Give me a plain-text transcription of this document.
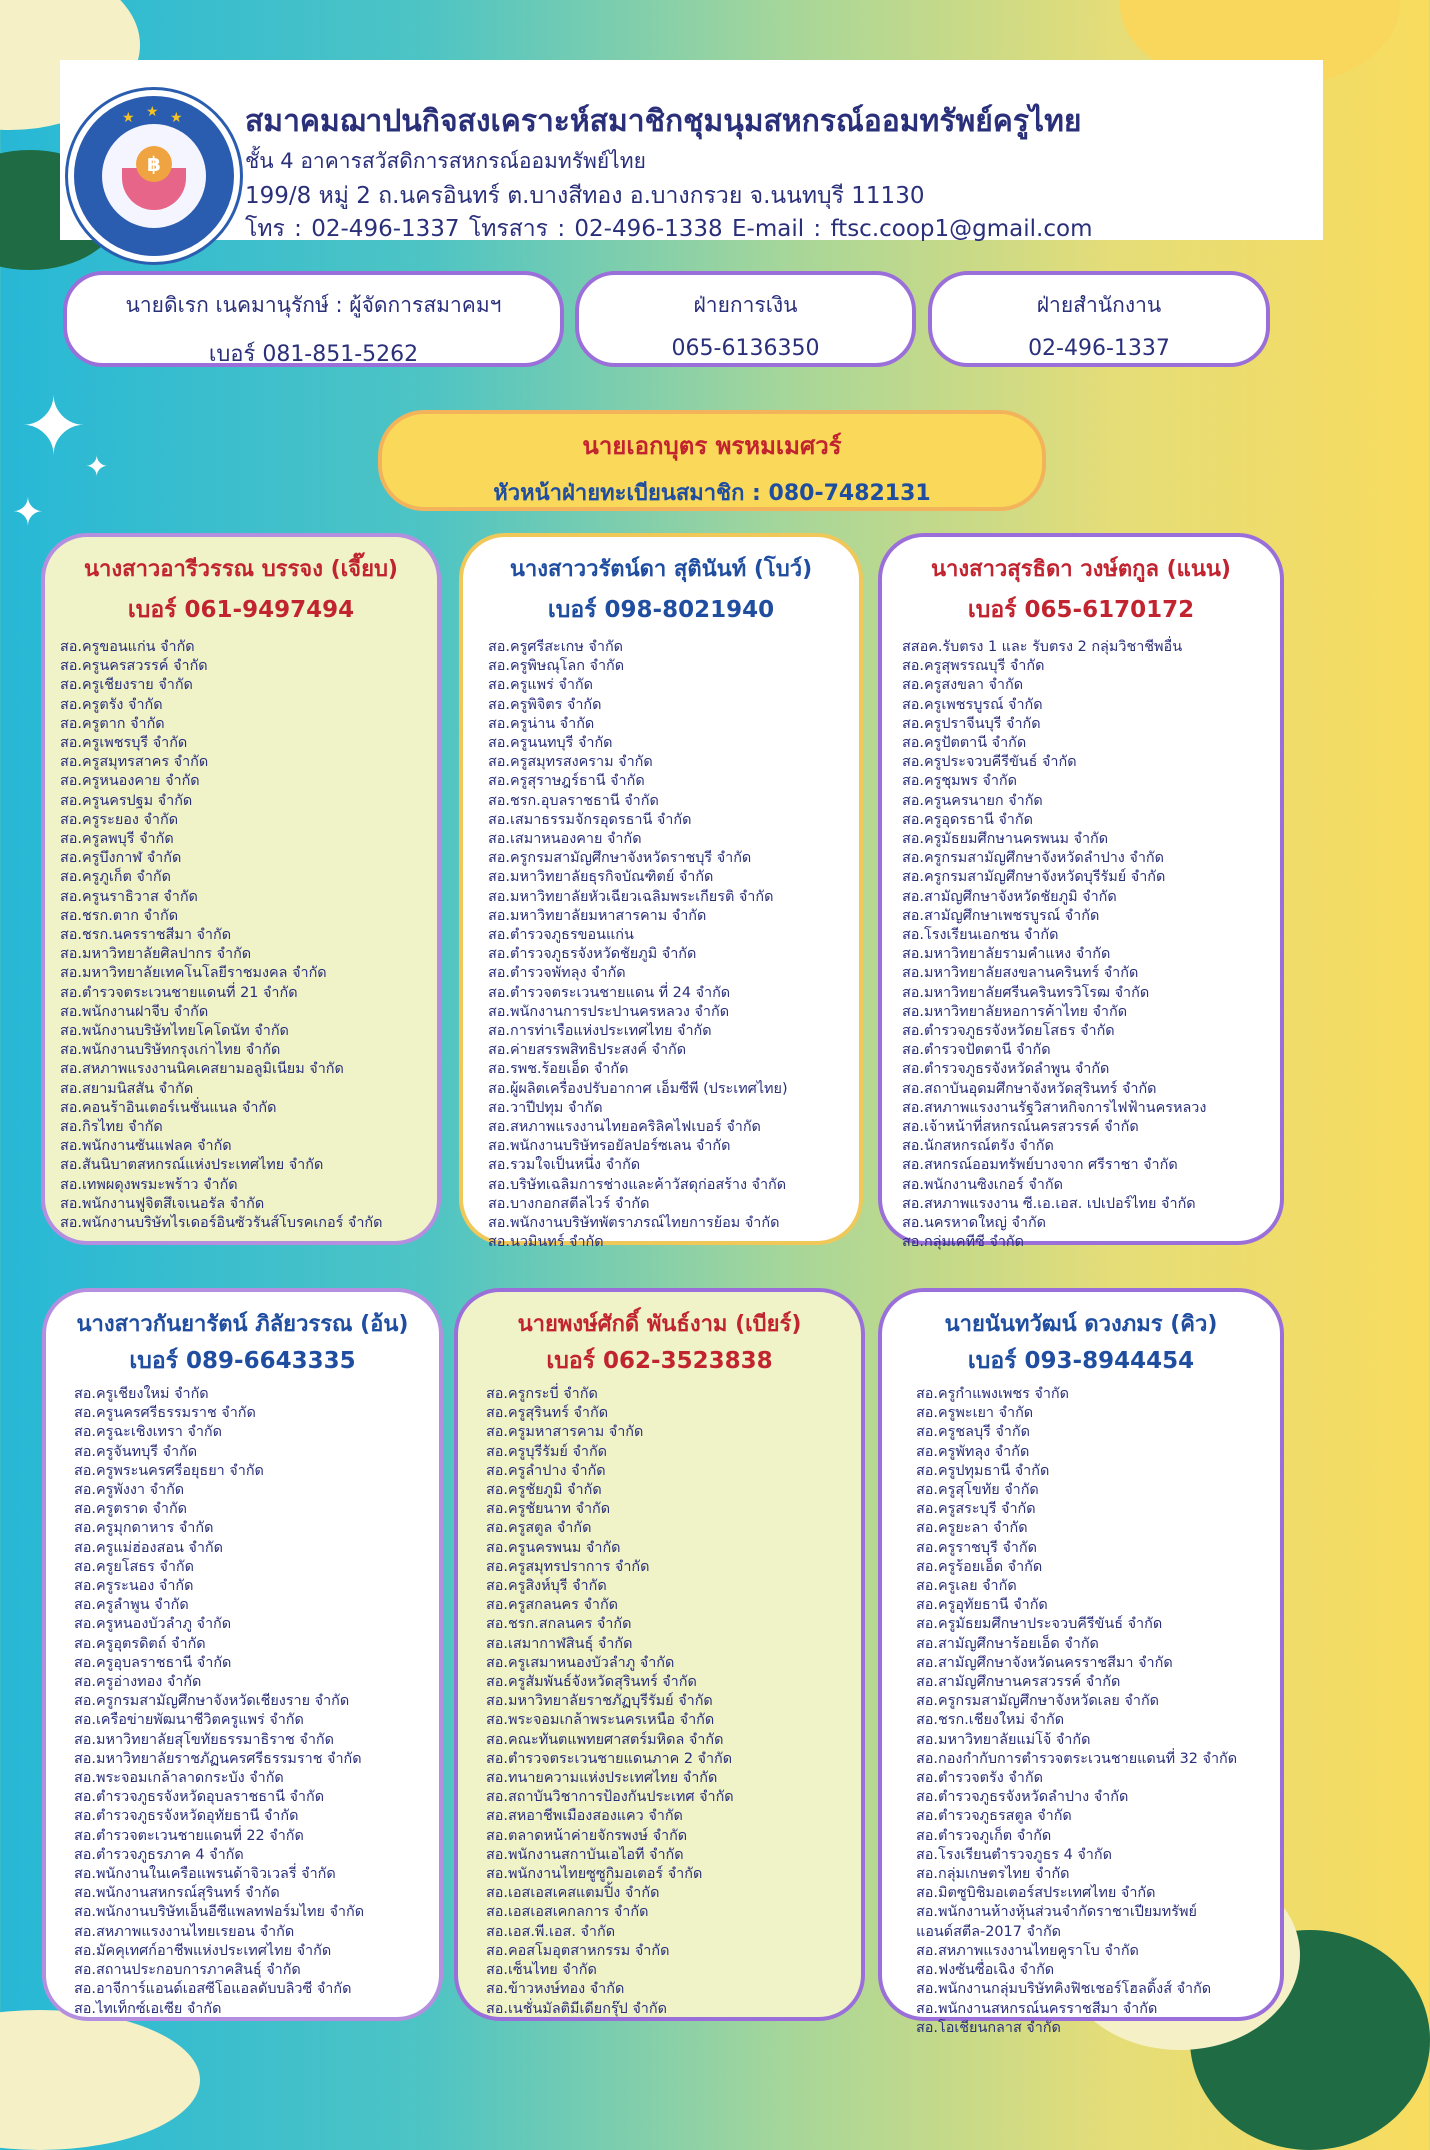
✦
✦
✦
฿
★ ★ ★ สมาคมฌาปนกิจสงเคราะห์สมาชิกชุมนุมสหกรณ์ออมทรัพย์ครูไทย
ชั้น 4 อาคารสวัสดิการสหกรณ์ออมทรัพย์ไทย
199/8 หมู่ 2 ถ.นครอินทร์ ต.บางสีทอง อ.บางกรวย จ.นนทบุรี 11130
โทร : 02-496-1337 โทรสาร : 02-496-1338 E-mail : ftsc.coop1@gmail.com
นายดิเรก เนคมานุรักษ์ : ผู้จัดการสมาคมฯ
เบอร์ 081-851-5262
ฝ่ายการเงิน
065-6136350
ฝ่ายสำนักงาน
02-496-1337
นายเอกบุตร พรหมเมศวร์
หัวหน้าฝ่ายทะเบียนสมาชิก : 080-7482131
นางสาวอารีวรรณ บรรจง (เจี๊ยบ)
เบอร์ 061-9497494
สอ.ครูขอนแก่น จำกัด
สอ.ครูนครสวรรค์ จำกัด
สอ.ครูเชียงราย จำกัด
สอ.ครูตรัง จำกัด
สอ.ครูตาก จำกัด
สอ.ครูเพชรบุรี จำกัด
สอ.ครูสมุทรสาคร จำกัด
สอ.ครูหนองคาย จำกัด
สอ.ครูนครปฐม จำกัด
สอ.ครูระยอง จำกัด
สอ.ครูลพบุรี จำกัด
สอ.ครูบึงกาฬ จำกัด
สอ.ครูภูเก็ต จำกัด
สอ.ครูนราธิวาส จำกัด
สอ.ชรก.ตาก จำกัด
สอ.ชรก.นครราชสีมา จำกัด
สอ.มหาวิทยาลัยศิลปากร จำกัด
สอ.มหาวิทยาลัยเทคโนโลยีราชมงคล จำกัด
สอ.ตำรวจตระเวนชายแดนที่ 21 จำกัด
สอ.พนักงานฝาจีบ จำกัด
สอ.พนักงานบริษัทไทยโคโดนัท จำกัด
สอ.พนักงานบริษัทกรุงเก่าไทย จำกัด
สอ.สหภาพแรงงานนิคเคสยามอลูมิเนียม จำกัด
สอ.สยามนิสสัน จำกัด
สอ.คอนร้าอินเตอร์เนชั่นแนล จำกัด
สอ.กิรไทย จำกัด
สอ.พนักงานซันแฟลค จำกัด
สอ.สันนิบาตสหกรณ์แห่งประเทศไทย จำกัด
สอ.เทพผดุงพรมะพร้าว จำกัด
สอ.พนักงานฟูจิตสึเจเนอรัล จำกัด
สอ.พนักงานบริษัทไรเดอร์อินซัวรันส์โบรคเกอร์ จำกัด
นางสาววรัตน์ดา สุตินันท์ (โบว์)
เบอร์ 098-8021940
สอ.ครูศรีสะเกษ จำกัด
สอ.ครูพิษณุโลก จำกัด
สอ.ครูแพร่ จำกัด
สอ.ครูพิจิตร จำกัด
สอ.ครูน่าน จำกัด
สอ.ครูนนทบุรี จำกัด
สอ.ครูสมุทรสงคราม จำกัด
สอ.ครูสุราษฎร์ธานี จำกัด
สอ.ชรก.อุบลราชธานี จำกัด
สอ.เสมาธรรมจักรอุดรธานี จำกัด
สอ.เสมาหนองคาย จำกัด
สอ.ครูกรมสามัญศึกษาจังหวัดราชบุรี จำกัด
สอ.มหาวิทยาลัยธุรกิจบัณฑิตย์ จำกัด
สอ.มหาวิทยาลัยหัวเฉียวเฉลิมพระเกียรติ จำกัด
สอ.มหาวิทยาลัยมหาสารคาม จำกัด
สอ.ตำรวจภูธรขอนแก่น
สอ.ตำรวจภูธรจังหวัดชัยภูมิ จำกัด
สอ.ตำรวจพัทลุง จำกัด
สอ.ตำรวจตระเวนชายแดน ที่ 24 จำกัด
สอ.พนักงานการประปานครหลวง จำกัด
สอ.การท่าเรือแห่งประเทศไทย จำกัด
สอ.ค่ายสรรพสิทธิประสงค์ จำกัด
สอ.รพช.ร้อยเอ็ด จำกัด
สอ.ผู้ผลิตเครื่องปรับอากาศ เอ็มซีพี (ประเทศไทย)
สอ.วาปีปทุม จำกัด
สอ.สหภาพแรงงานไทยอคริลิคไฟเบอร์ จำกัด
สอ.พนักงานบริษัทรอยัลปอร์ซเลน จำกัด
สอ.รวมใจเป็นหนึ่ง จำกัด
สอ.บริษัทเฉลิมการช่างและค้าวัสดุก่อสร้าง จำกัด
สอ.บางกอกสตีลไวร์ จำกัด
สอ.พนักงานบริษัทพัตราภรณ์ไทยการย้อม จำกัด
สอ.นวมินทร์ จำกัด
นางสาวสุรธิดา วงษ์ตกูล (แนน)
เบอร์ 065-6170172
สสอค.รับตรง 1 และ รับตรง 2 กลุ่มวิชาชีพอื่น
สอ.ครูสุพรรณบุรี จำกัด
สอ.ครูสงขลา จำกัด
สอ.ครูเพชรบูรณ์ จำกัด
สอ.ครูปราจีนบุรี จำกัด
สอ.ครูปัตตานี จำกัด
สอ.ครูประจวบคีรีขันธ์ จำกัด
สอ.ครูชุมพร จำกัด
สอ.ครูนครนายก จำกัด
สอ.ครูอุดรธานี จำกัด
สอ.ครูมัธยมศึกษานครพนม จำกัด
สอ.ครูกรมสามัญศึกษาจังหวัดลำปาง จำกัด
สอ.ครูกรมสามัญศึกษาจังหวัดบุรีรัมย์ จำกัด
สอ.สามัญศึกษาจังหวัดชัยภูมิ จำกัด
สอ.สามัญศึกษาเพชรบูรณ์ จำกัด
สอ.โรงเรียนเอกชน จำกัด
สอ.มหาวิทยาลัยรามคำแหง จำกัด
สอ.มหาวิทยาลัยสงขลานครินทร์ จำกัด
สอ.มหาวิทยาลัยศรีนครินทรวิโรฒ จำกัด
สอ.มหาวิทยาลัยหอการค้าไทย จำกัด
สอ.ตำรวจภูธรจังหวัดยโสธร จำกัด
สอ.ตำรวจปัตตานี จำกัด
สอ.ตำรวจภูธรจังหวัดลำพูน จำกัด
สอ.สถาบันอุดมศึกษาจังหวัดสุรินทร์ จำกัด
สอ.สหภาพแรงงานรัฐวิสาหกิจการไฟฟ้านครหลวง
สอ.เจ้าหน้าที่สหกรณ์นครสวรรค์ จำกัด
สอ.นักสหกรณ์ตรัง จำกัด
สอ.สหกรณ์ออมทรัพย์บางจาก ศรีราชา จำกัด
สอ.พนักงานซิงเกอร์ จำกัด
สอ.สหภาพแรงงาน ซี.เอ.เอส. เปเปอร์ไทย จำกัด
สอ.นครหาดใหญ่ จำกัด
สอ.กลุ่มเคทีซี จำกัด
นางสาวกันยารัตน์ ภิลัยวรรณ (อ้น)
เบอร์ 089-6643335
สอ.ครูเชียงใหม่ จำกัด
สอ.ครูนครศรีธรรมราช จำกัด
สอ.ครูฉะเชิงเทรา จำกัด
สอ.ครูจันทบุรี จำกัด
สอ.ครูพระนครศรีอยุธยา จำกัด
สอ.ครูพังงา จำกัด
สอ.ครูตราด จำกัด
สอ.ครูมุกดาหาร จำกัด
สอ.ครูแม่ฮ่องสอน จำกัด
สอ.ครูยโสธร จำกัด
สอ.ครูระนอง จำกัด
สอ.ครูลำพูน จำกัด
สอ.ครูหนองบัวลำภู จำกัด
สอ.ครูอุตรดิตถ์ จำกัด
สอ.ครูอุบลราชธานี จำกัด
สอ.ครูอ่างทอง จำกัด
สอ.ครูกรมสามัญศึกษาจังหวัดเชียงราย จำกัด
สอ.เครือข่ายพัฒนาชีวิตครูแพร่ จำกัด
สอ.มหาวิทยาลัยสุโขทัยธรรมาธิราช จำกัด
สอ.มหาวิทยาลัยราชภัฏนครศรีธรรมราช จำกัด
สอ.พระจอมเกล้าลาดกระบัง จำกัด
สอ.ตำรวจภูธรจังหวัดอุบลราชธานี จำกัด
สอ.ตำรวจภูธรจังหวัดอุทัยธานี จำกัด
สอ.ตำรวจตะเวนชายแดนที่ 22 จำกัด
สอ.ตำรวจภูธรภาค 4 จำกัด
สอ.พนักงานในเครือแพรนด้าจิวเวลรี่ จำกัด
สอ.พนักงานสหกรณ์สุรินทร์ จำกัด
สอ.พนักงานบริษัทเอ็นอีซีแพลทฟอร์มไทย จำกัด
สอ.สหภาพแรงงานไทยเรยอน จำกัด
สอ.มัคคุเทศก์อาชีพแห่งประเทศไทย จำกัด
สอ.สถานประกอบการภาคสินธุ์ จำกัด
สอ.อาจีการ์แอนด์เอสซีโอแอลดับบลิวซี จำกัด
สอ.ไทเท็กซ์เอเซีย จำกัด
นายพงษ์ศักดิ์ พันธ์งาม (เบียร์)
เบอร์ 062-3523838
สอ.ครูกระบี่ จำกัด
สอ.ครูสุรินทร์ จำกัด
สอ.ครูมหาสารคาม จำกัด
สอ.ครูบุรีรัมย์ จำกัด
สอ.ครูลำปาง จำกัด
สอ.ครูชัยภูมิ จำกัด
สอ.ครูชัยนาท จำกัด
สอ.ครูสตูล จำกัด
สอ.ครูนครพนม จำกัด
สอ.ครูสมุทรปราการ จำกัด
สอ.ครูสิงห์บุรี จำกัด
สอ.ครูสกลนคร จำกัด
สอ.ชรก.สกลนคร จำกัด
สอ.เสมากาฬสินธุ์ จำกัด
สอ.ครูเสมาหนองบัวลำภู จำกัด
สอ.ครูสัมพันธ์จังหวัดสุรินทร์ จำกัด
สอ.มหาวิทยาลัยราชภัฏบุรีรัมย์ จำกัด
สอ.พระจอมเกล้าพระนครเหนือ จำกัด
สอ.คณะทันตแพทยศาสตร์มหิดล จำกัด
สอ.ตำรวจตระเวนชายแดนภาค 2 จำกัด
สอ.ทนายความแห่งประเทศไทย จำกัด
สอ.สถาบันวิชาการป้องกันประเทศ จำกัด
สอ.สหอาชีพเมืองสองแคว จำกัด
สอ.ตลาดหน้าค่ายจักรพงษ์ จำกัด
สอ.พนักงานสกาบันเอไอที จำกัด
สอ.พนักงานไทยซูซูกิมอเตอร์ จำกัด
สอ.เอสเอสเคสแตมปิ้ง จำกัด
สอ.เอสเอสเคกลการ จำกัด
สอ.เอส.พี.เอส. จำกัด
สอ.คอสโมอุตสาหกรรม จำกัด
สอ.เซ็นไทย จำกัด
สอ.ข้าวหงษ์ทอง จำกัด
สอ.เนชั่นมัลติมีเดียกรุ๊ป จำกัด
นายนันทวัฒน์ ดวงภมร (คิว)
เบอร์ 093-8944454
สอ.ครูกำแพงเพชร จำกัด
สอ.ครูพะเยา จำกัด
สอ.ครูชลบุรี จำกัด
สอ.ครูพัทลุง จำกัด
สอ.ครูปทุมธานี จำกัด
สอ.ครูสุโขทัย จำกัด
สอ.ครูสระบุรี จำกัด
สอ.ครูยะลา จำกัด
สอ.ครูราชบุรี จำกัด
สอ.ครูร้อยเอ็ด จำกัด
สอ.ครูเลย จำกัด
สอ.ครูอุทัยธานี จำกัด
สอ.ครูมัธยมศึกษาประจวบคีรีขันธ์ จำกัด
สอ.สามัญศึกษาร้อยเอ็ด จำกัด
สอ.สามัญศึกษาจังหวัดนครราชสีมา จำกัด
สอ.สามัญศึกษานครสวรรค์ จำกัด
สอ.ครูกรมสามัญศึกษาจังหวัดเลย จำกัด
สอ.ชรก.เชียงใหม่ จำกัด
สอ.มหาวิทยาลัยแม่โจ้ จำกัด
สอ.กองกำกับการตำรวจตระเวนชายแดนที่ 32 จำกัด
สอ.ตำรวจตรัง จำกัด
สอ.ตำรวจภูธรจังหวัดลำปาง จำกัด
สอ.ตำรวจภูธรสตูล จำกัด
สอ.ตำรวจภูเก็ต จำกัด
สอ.โรงเรียนตำรวจภูธร 4 จำกัด
สอ.กลุ่มเกษตรไทย จำกัด
สอ.มิตซูบิชิมอเตอร์สประเทศไทย จำกัด
สอ.พนักงานห้างหุ้นส่วนจำกัดราชาเปียมทรัพย์
แอนด์สตีล-2017 จำกัด
สอ.สหภาพแรงงานไทยคูราโบ จำกัด
สอ.ฟงซันซื่อเฉิง จำกัด
สอ.พนักงานกลุ่มบริษัทคิงฟิชเชอร์โฮลดิ้งส์ จำกัด
สอ.พนักงานสหกรณ์นครราชสีมา จำกัด
สอ.โอเชียนกลาส จำกัด
